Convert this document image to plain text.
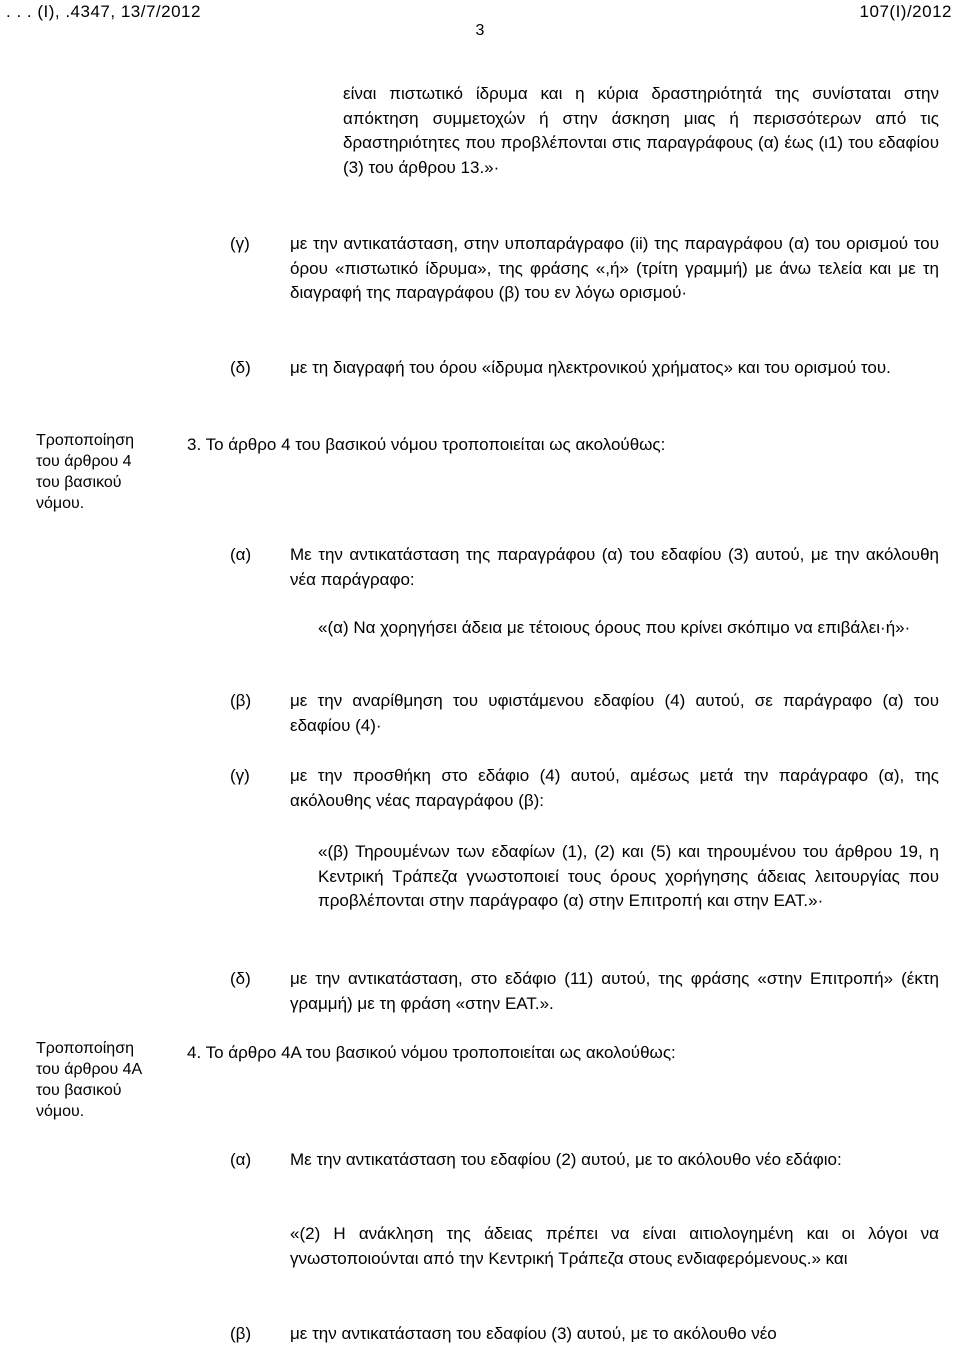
. . . (Ι), .4347, 13/7/2012	107(Ι)/2012
3
είναι πιστωτικό ίδρυμα και η κύρια δραστηριότητά της συνίσταται στην απόκτηση συμμετοχών ή στην άσκηση μιας ή περισσότερων από τις δραστηριότητες που προβλέπονται στις παραγράφους (α) έως (ι1) του εδαφίου (3) του άρθρου 13.»·
(γ) με την αντικατάσταση, στην υποπαράγραφο (ii) της παραγράφου (α) του ορισμού του όρου «πιστωτικό ίδρυμα», της φράσης «,ή» (τρίτη γραμμή) με άνω τελεία και με τη διαγραφή της παραγράφου (β) του εν λόγω ορισμού·
(δ) με τη διαγραφή του όρου «ίδρυμα ηλεκτρονικού χρήματος» και του ορισμού του.
Τροποποίηση του άρθρου 4 του βασικού νόμου.
3. Το άρθρο 4 του βασικού νόμου τροποποιείται ως ακολούθως:
(α) Με την αντικατάσταση της παραγράφου (α) του εδαφίου (3) αυτού, με την ακόλουθη νέα παράγραφο:
«(α) Να χορηγήσει άδεια με τέτοιους όρους που κρίνει σκόπιμο να επιβάλει·ή»·
(β) με την αναρίθμηση του υφιστάμενου εδαφίου (4) αυτού, σε παράγραφο (α) του εδαφίου (4)·
(γ) με την προσθήκη στο εδάφιο (4) αυτού, αμέσως μετά την παράγραφο (α), της ακόλουθης νέας παραγράφου (β):
«(β) Τηρουμένων των εδαφίων (1), (2) και (5) και τηρουμένου του άρθρου 19, η Κεντρική Τράπεζα γνωστοποιεί τους όρους χορήγησης άδειας λειτουργίας που προβλέπονται στην παράγραφο (α) στην Επιτροπή και στην ΕΑΤ.»·
(δ) με την αντικατάσταση, στο εδάφιο (11) αυτού, της φράσης «στην Επιτροπή» (έκτη γραμμή) με τη φράση «στην ΕΑΤ.».
Τροποποίηση του άρθρου 4Α του βασικού νόμου.
4. Το άρθρο 4Α του βασικού νόμου τροποποιείται ως ακολούθως:
(α) Με την αντικατάσταση του εδαφίου (2) αυτού, με το ακόλουθο νέο εδάφιο:
«(2) Η ανάκληση της άδειας πρέπει να είναι αιτιολογημένη και οι λόγοι να γνωστοποιούνται από την Κεντρική Τράπεζα στους ενδιαφερόμενους.» και
(β) με την αντικατάσταση του εδαφίου (3) αυτού, με το ακόλουθο νέο
